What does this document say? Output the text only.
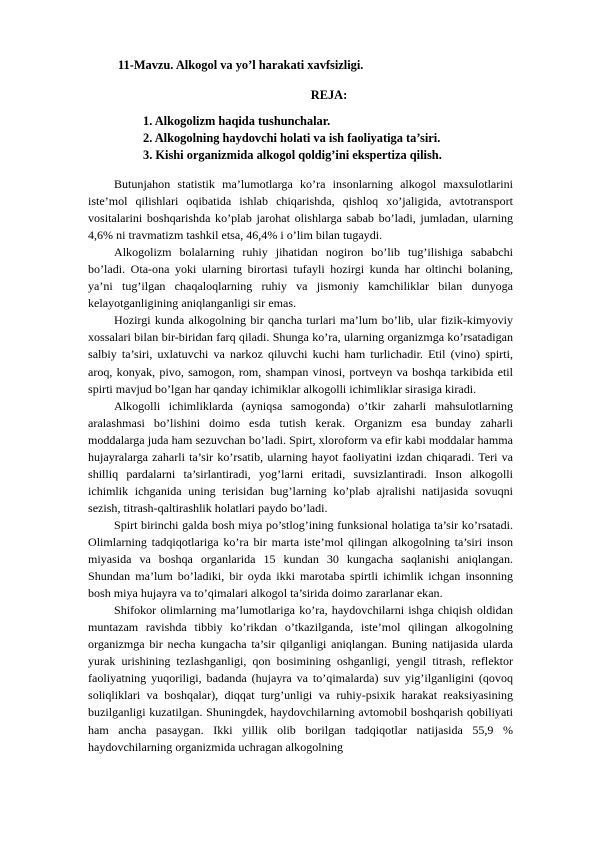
11-Mavzu. Alkogol va yo’l harakati xavfsizligi.
REJA:
1. Alkogolizm haqida tushunchalar.
2. Alkogolning haydovchi holati va ish faoliyatiga ta’siri.
3. Kishi organizmida alkogol qoldig’ini ekspertiza qilish.

Butunjahon statistik ma’lumotlarga ko’ra insonlarning alkogol maxsulotlarini iste’mol qilishlari oqibatida ishlab chiqarishda, qishloq xo’jaligida, avtotransport vositalarini boshqarishda ko’plab jarohat olishlarga sabab bo’ladi, jumladan, ularning 4,6% ni travmatizm tashkil etsa, 46,4% i o’lim bilan tugaydi.

Alkogolizm bolalarning ruhiy jihatidan nogiron bo’lib tug’ilishiga sababchi bo’ladi. Ota-ona yoki ularning birortasi tufayli hozirgi kunda har oltinchi bolaning, ya’ni tug’ilgan chaqaloqlarning ruhiy va jismoniy kamchiliklar bilan dunyoga kelayotganligining aniqlanganligi sir emas.

Hozirgi kunda alkogolning bir qancha turlari ma’lum bo’lib, ular fizik-kimyoviy xossalari bilan bir-biridan farq qiladi. Shunga ko’ra, ularning organizmga ko’rsatadigan salbiy ta’siri, uxlatuvchi va narkoz qiluvchi kuchi ham turlichadir. Etil (vino) spirti, aroq, konyak, pivo, samogon, rom, shampan vinosi, portveyn va boshqa tarkibida etil spirti mavjud bo’lgan har qanday ichimiklar alkogolli ichimliklar sirasiga kiradi.

Alkogolli ichimliklarda (ayniqsa samogonda) o’tkir zaharli mahsulotlarning aralashmasi bo’lishini doimo esda tutish kerak. Organizm esa bunday zaharli moddalarga juda ham sezuvchan bo’ladi. Spirt, xloroform va efir kabi moddalar hamma hujayralarga zaharli ta’sir ko’rsatib, ularning hayot faoliyatini izdan chiqaradi. Teri va shilliq pardalarni ta’sirlantiradi, yog’larni eritadi, suvsizlantiradi. Inson alkogolli ichimlik ichganida uning terisidan bug’larning ko’plab ajralishi natijasida sovuqni sezish, titrash-qaltirashlik holatlari paydo bo’ladi.

Spirt birinchi galda bosh miya po’stlog’ining funksional holatiga ta’sir ko’rsatadi. Olimlarning tadqiqotlariga ko’ra bir marta iste’mol qilingan alkogolning ta’siri inson miyasida va boshqa organlarida 15 kundan 30 kungacha saqlanishi aniqlangan. Shundan ma’lum bo’ladiki, bir oyda ikki marotaba spirtli ichimlik ichgan insonning bosh miya hujayra va to’qimalari alkogol ta’sirida doimo zararlanar ekan.

Shifokor olimlarning ma’lumotlariga ko’ra, haydovchilarni ishga chiqish oldidan muntazam ravishda tibbiy ko’rikdan o’tkazilganda, iste’mol qilingan alkogolning organizmga bir necha kungacha ta’sir qilganligi aniqlangan. Buning natijasida ularda yurak urishining tezlashganligi, qon bosimining oshganligi, yengil titrash, reflektor faoliyatning yuqoriligi, badanda (hujayra va to’qimalarda) suv yig’ilganligini (qovoq soliqliklari va boshqalar), diqqat turg’unligi va ruhiy-psixik harakat reaksiyasining buzilganligi kuzatilgan. Shuningdek, haydovchilarning avtomobil boshqarish qobiliyati ham ancha pasaygan. Ikki yillik olib borilgan tadqiqotlar natijasida 55,9 % haydovchilarning organizmida uchragan alkogolning
